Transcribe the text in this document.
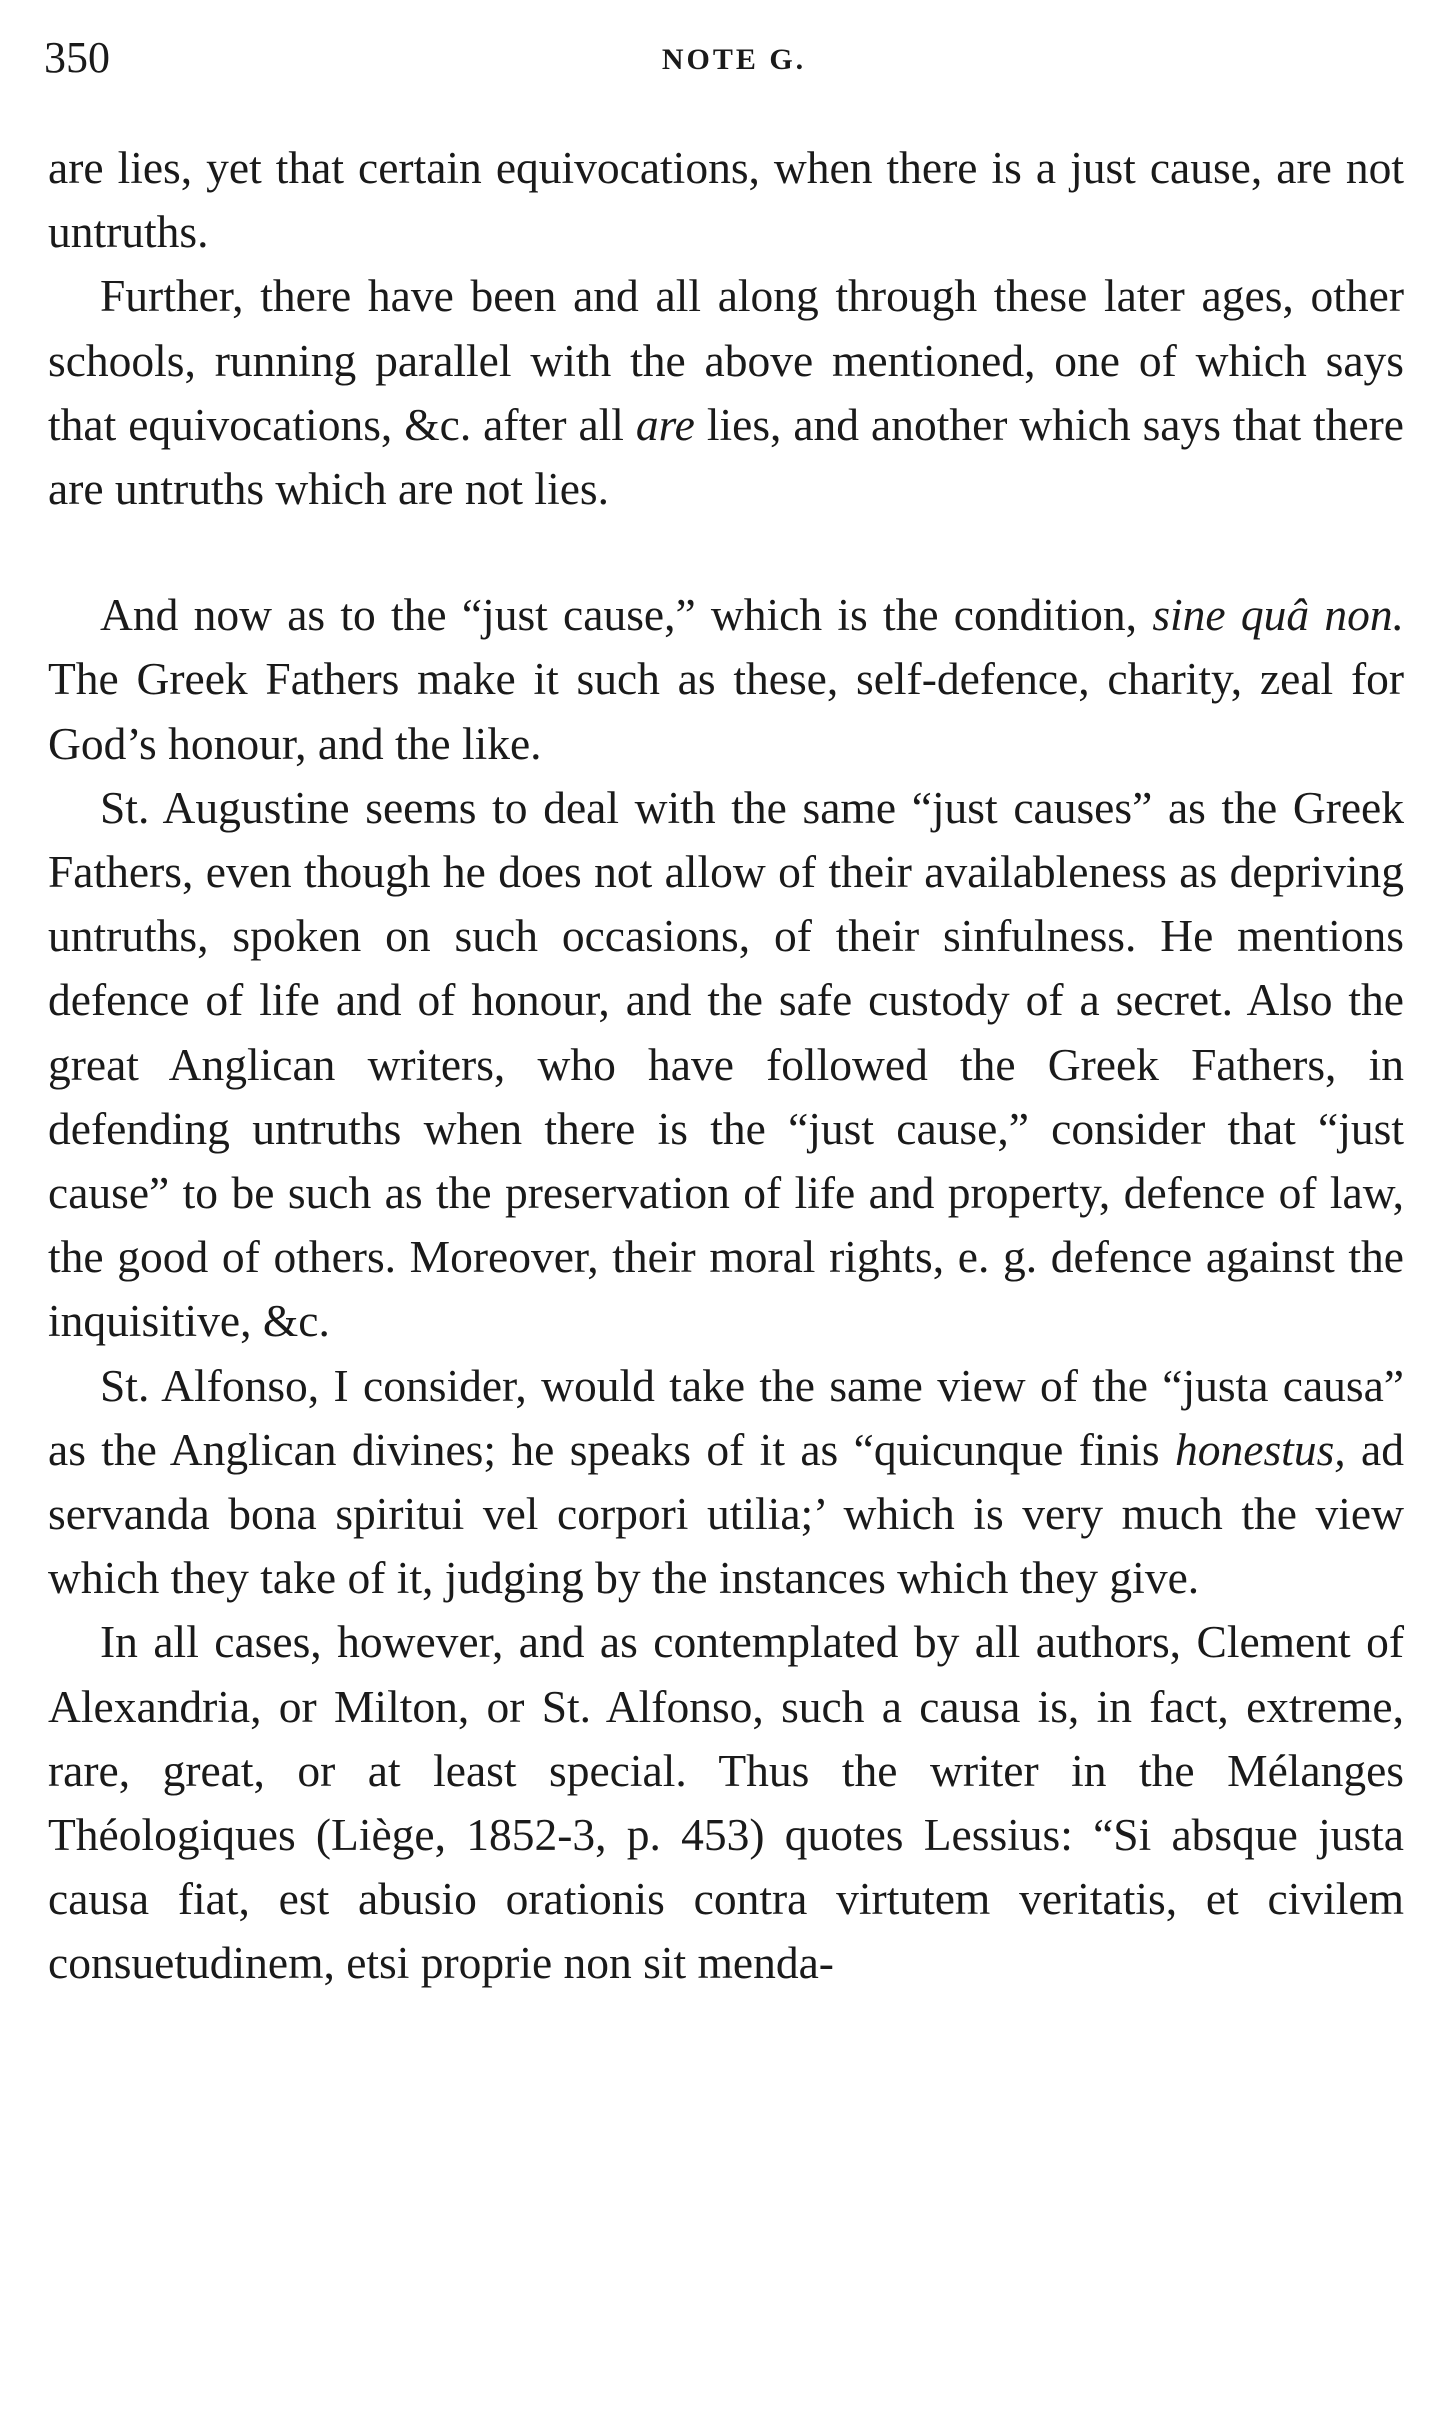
350	NOTE G.

are lies, yet that certain equivocations, when there is a just cause, are not untruths.

Further, there have been and all along through these later ages, other schools, running parallel with the above mentioned, one of which says that equivocations, &c. after all are lies, and another which says that there are untruths which are not lies.

And now as to the “just cause,” which is the condition, sine quâ non. The Greek Fathers make it such as these, self-defence, charity, zeal for God’s honour, and the like.

St. Augustine seems to deal with the same “just causes” as the Greek Fathers, even though he does not allow of their availableness as depriving untruths, spoken on such occasions, of their sinfulness. He mentions defence of life and of honour, and the safe custody of a secret. Also the great Anglican writers, who have followed the Greek Fathers, in defending untruths when there is the “just cause,” consider that “just cause” to be such as the preservation of life and property, defence of law, the good of others. Moreover, their moral rights, e. g. defence against the inquisitive, &c.

St. Alfonso, I consider, would take the same view of the “justa causa” as the Anglican divines; he speaks of it as “quicunque finis honestus, ad servanda bona spiritui vel corpori utilia;’ which is very much the view which they take of it, judging by the instances which they give.

In all cases, however, and as contemplated by all authors, Clement of Alexandria, or Milton, or St. Alfonso, such a causa is, in fact, extreme, rare, great, or at least special. Thus the writer in the Mélanges Théologiques (Liège, 1852-3, p. 453) quotes Lessius: “Si absque justa causa fiat, est abusio orationis contra virtutem veritatis, et civilem consuetudinem, etsi proprie non sit menda-
